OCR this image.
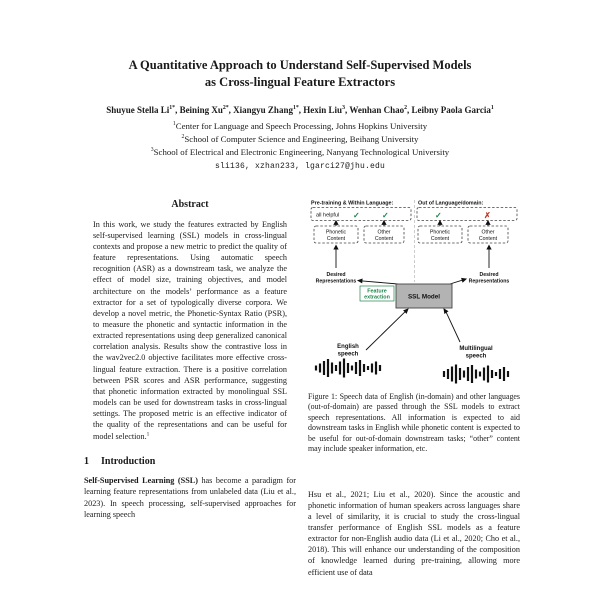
A Quantitative Approach to Understand Self-Supervised Models
as Cross-lingual Feature Extractors
Shuyue Stella $Li^{1*}$, Beining $Xu^{2*}$, Xiangyu Zhang$^{1*}$, Hexin Liu$^3$, Wenhan Chao$^2$, Leibny Paola Garcia$^1$
$^1$Center for Language and Speech Processing, Johns Hopkins University
$^2$School of Computer Science and Engineering, Beihang University
$^3$School of Electrical and Electronic Engineering, Nanyang Technological University
sli136, xzhan233, lgarci27@jhu.edu
Abstract

In this work, we study the features extracted by English self-supervised learning (SSL) models in cross-lingual contexts and propose a new metric to predict the quality of feature representations. Using automatic speech recognition (ASR) as a downstream task, we analyze the effect of model size, training objectives, and model architecture on the models’ performance as a feature extractor for a set of typologically diverse corpora. We develop a novel metric, the Phonetic-Syntax Ratio (PSR), to measure the phonetic and syntactic information in the extracted representations using deep generalized canonical correlation analysis. Results show the contrastive loss in the wav2vec2.0 objective facilitates more effective cross-lingual feature extraction. There is a positive correlation between PSR scores and ASR performance, suggesting that phonetic information extracted by monolingual SSL models can be used for downstream tasks in cross-lingual settings. The proposed metric is an effective indicator of the quality of the representations and can be useful for model selection.$^1$

1 Introduction

Self-Supervised Learning (SSL) has become a paradigm for learning feature representations from unlabeled data (Liu et al., 2023). In speech processing, self-supervised approaches for learning speech

Pre-training & Within Language:	Out of Language/domain:
all helpful ✓	✓	✓	✗
Phonetic
Content
Other
Content
Phonetic
Content
Other
Content
Desired
Representations
Desired
Representations
Feature
extraction	SSL Model
English
speech
Multilingual
speech
Figure 1: Speech data of English (in-domain) and other languages (out-of-domain) are passed through the SSL models to extract speech representations. All information is expected to aid downstream tasks in English while phonetic content is expected to be useful for out-of-domain downstream tasks; “other” content may include speaker information, etc.

Hsu et al., 2021; Liu et al., 2020). Since the acoustic and phonetic information of human speakers across languages share a level of similarity, it is crucial to study the cross-lingual transfer performance of English SSL models as a feature extractor for non-English audio data (Li et al., 2020; Cho et al., 2018). This will enhance our understanding of the composition of knowledge learned during pre-training, allowing more efficient use of data
